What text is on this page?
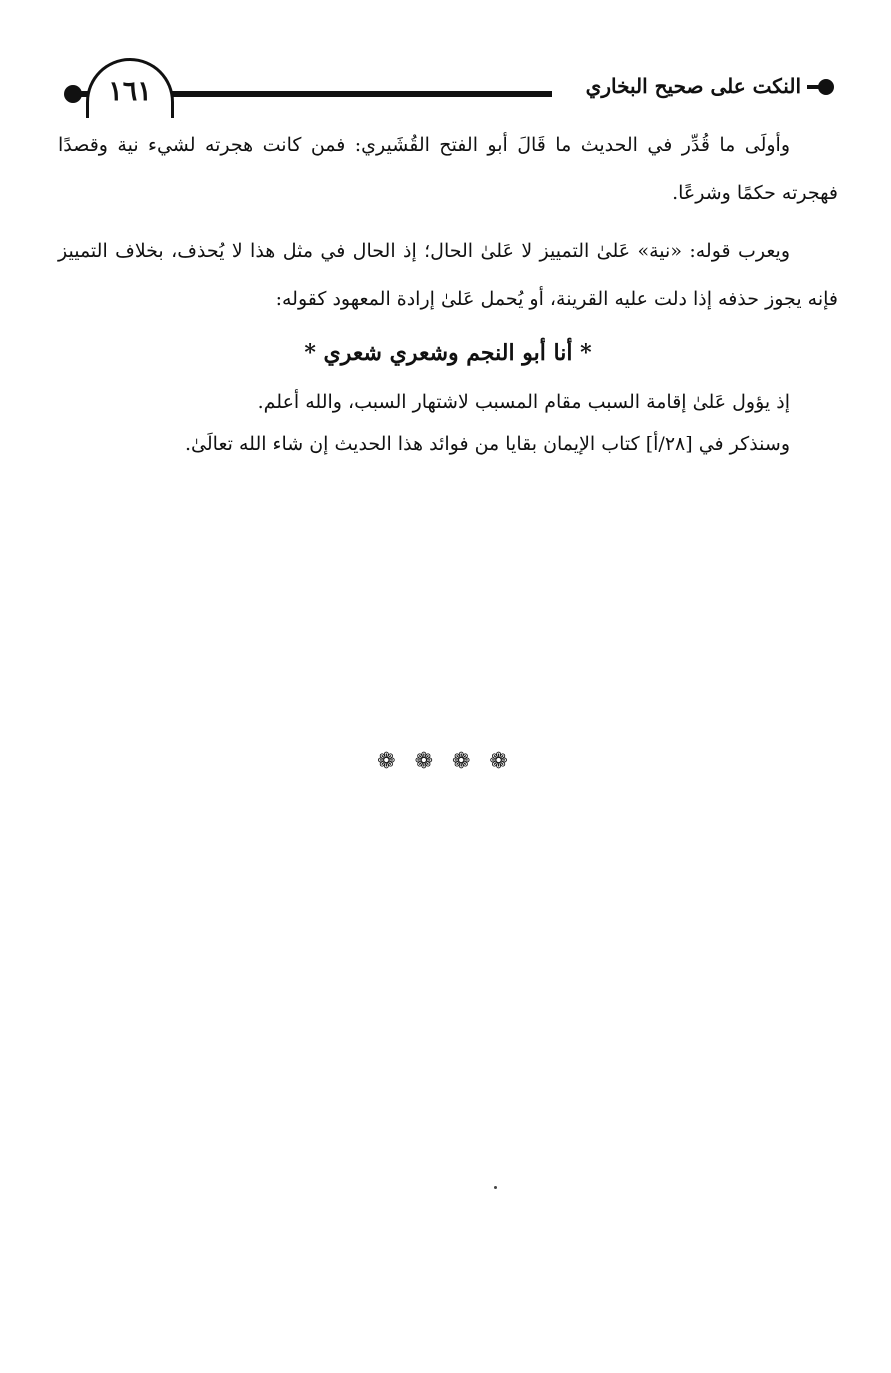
١٦١	النكت على صحيح البخاري

وأولَى ما قُدِّر في الحديث ما قَالَ أبو الفتح القُشَيري: فمن كانت هجرته لشيء نية وقصدًا فهجرته حكمًا وشرعًا.

ويعرب قوله: «نية» عَلىٰ التمييز لا عَلىٰ الحال؛ إذ الحال في مثل هذا لا يُحذف، بخلاف التمييز فإنه يجوز حذفه إذا دلت عليه القرينة، أو يُحمل عَلىٰ إرادة المعهود كقوله:

* أنا أبو النجم وشعري شعري *

إذ يؤول عَلىٰ إقامة السبب مقام المسبب لاشتهار السبب، والله أعلم.

وسنذكر في [٢٨/أ] كتاب الإيمان بقايا من فوائد هذا الحديث إن شاء الله تعالَىٰ.

❁ ❁ ❁ ❁
